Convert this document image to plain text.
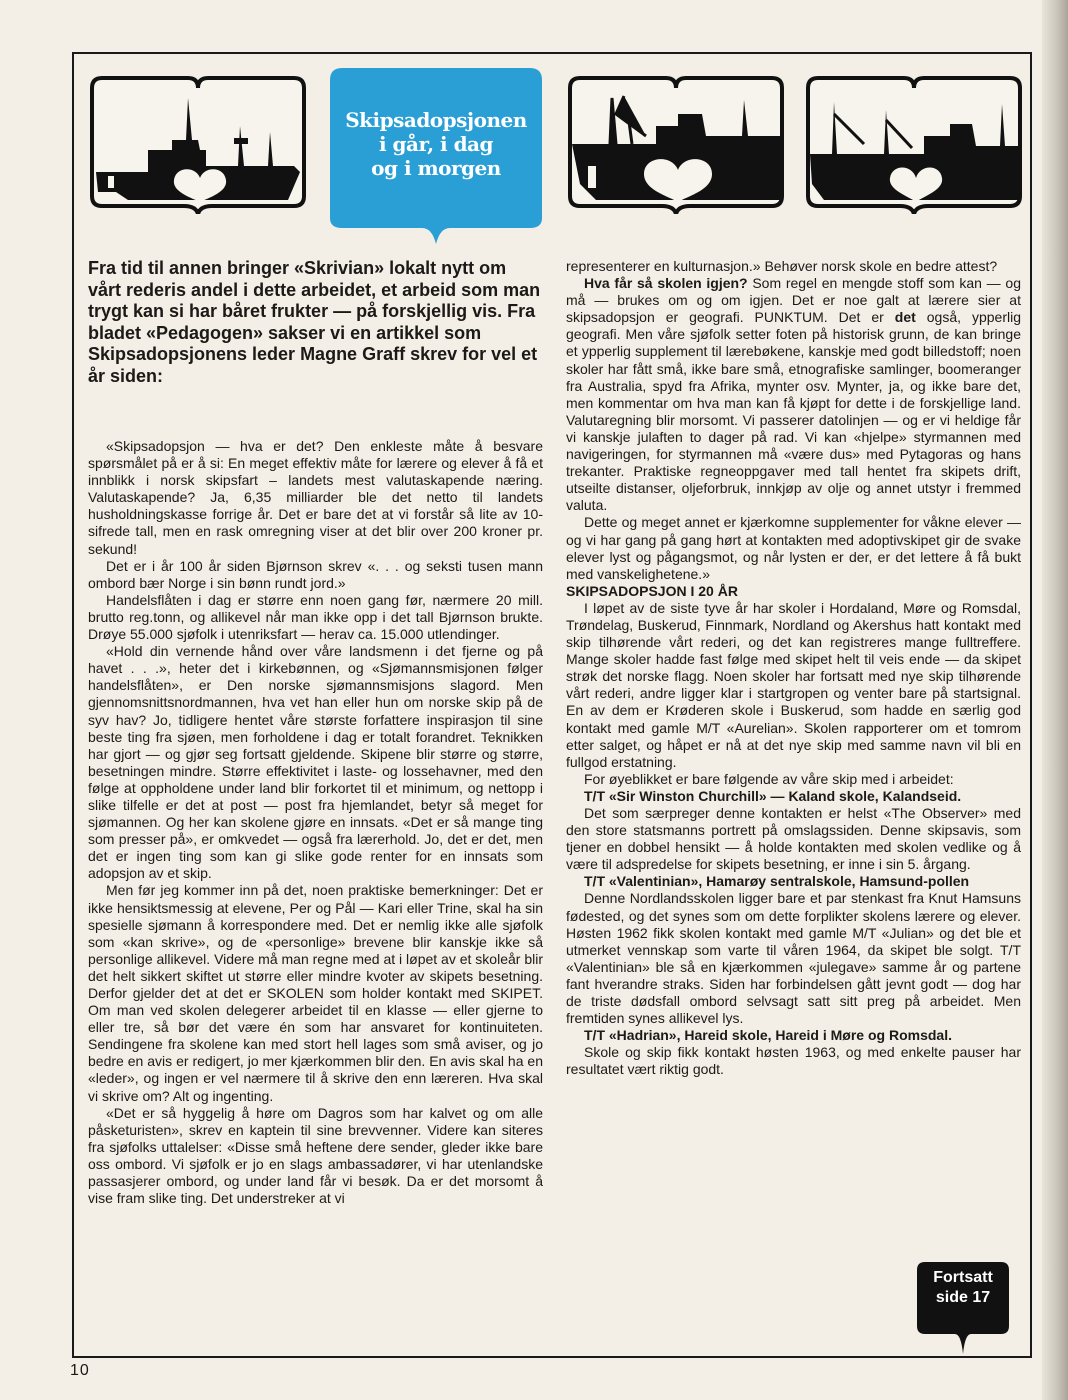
Skipsadopsjonen
i går, i dag
og i morgen
Fra tid til annen bringer «Skrivian» lokalt nytt om vårt rederis andel i dette arbeidet, et arbeid som man trygt kan si har båret frukter — på forskjellig vis. Fra bladet «Pedagogen» sakser vi en artikkel som Skipsadopsjonens leder Magne Graff skrev for vel et år siden:

«Skipsadopsjon — hva er det? Den enkleste måte å besvare spørsmålet på er å si: En meget effektiv måte for lærere og elever å få et innblikk i norsk skipsfart – landets mest valutaskapende næring. Valutaskapende? Ja, 6,35 milliarder ble det netto til landets husholdningskasse forrige år. Det er bare det at vi forstår så lite av 10-sifrede tall, men en rask omregning viser at det blir over 200 kroner pr. sekund!

Det er i år 100 år siden Bjørnson skrev «. . . og seksti tusen mann ombord bær Norge i sin bønn rundt jord.»

Handelsflåten i dag er større enn noen gang før, nærmere 20 mill. brutto reg.tonn, og allikevel når man ikke opp i det tall Bjørnson brukte. Drøye 55.000 sjøfolk i utenriksfart — herav ca. 15.000 utlendinger.

«Hold din vernende hånd over våre landsmenn i det fjerne og på havet . . .», heter det i kirkebønnen, og «Sjømannsmisjonen følger handelsflåten», er Den norske sjømannsmisjons slagord. Men gjennomsnittsnordmannen, hva vet han eller hun om norske skip på de syv hav? Jo, tidligere hentet våre største forfattere inspirasjon til sine beste ting fra sjøen, men forholdene i dag er totalt forandret. Teknikken har gjort — og gjør seg fortsatt gjeldende. Skipene blir større og større, besetningen mindre. Større effektivitet i laste- og lossehavner, med den følge at oppholdene under land blir forkortet til et minimum, og nettopp i slike tilfelle er det at post — post fra hjemlandet, betyr så meget for sjømannen. Og her kan skolene gjøre en innsats. «Det er så mange ting som presser på», er omkvedet — også fra lærerhold. Jo, det er det, men det er ingen ting som kan gi slike gode renter for en innsats som adopsjon av et skip.

Men før jeg kommer inn på det, noen praktiske bemerkninger: Det er ikke hensiktsmessig at elevene, Per og Pål — Kari eller Trine, skal ha sin spesielle sjømann å korrespondere med. Det er nemlig ikke alle sjøfolk som «kan skrive», og de «personlige» brevene blir kanskje ikke så personlige allikevel. Videre må man regne med at i løpet av et skoleår blir det helt sikkert skiftet ut større eller mindre kvoter av skipets besetning. Derfor gjelder det at det er SKOLEN som holder kontakt med SKIPET. Om man ved skolen delegerer arbeidet til en klasse — eller gjerne to eller tre, så bør det være én som har ansvaret for kontinuiteten. Sendingene fra skolene kan med stort hell lages som små aviser, og jo bedre en avis er redigert, jo mer kjærkommen blir den. En avis skal ha en «leder», og ingen er vel nærmere til å skrive den enn læreren. Hva skal vi skrive om? Alt og ingenting.

«Det er så hyggelig å høre om Dagros som har kalvet og om alle påsketuristen», skrev en kaptein til sine brevvenner. Videre kan siteres fra sjøfolks uttalelser: «Disse små heftene dere sender, gleder ikke bare oss ombord. Vi sjøfolk er jo en slags ambassadører, vi har utenlandske passasjerer ombord, og under land får vi besøk. Da er det morsomt å vise fram slike ting. Det understreker at vi

representerer en kulturnasjon.» Behøver norsk skole en bedre attest?

Hva får så skolen igjen? Som regel en mengde stoff som kan — og må — brukes om og om igjen. Det er noe galt at lærere sier at skipsadopsjon er geografi. PUNKTUM. Det er det også, ypperlig geografi. Men våre sjøfolk setter foten på historisk grunn, de kan bringe et ypperlig supplement til lærebøkene, kanskje med godt billedstoff; noen skoler har fått små, ikke bare små, etnografiske samlinger, boomeranger fra Australia, spyd fra Afrika, mynter osv. Mynter, ja, og ikke bare det, men kommentar om hva man kan få kjøpt for dette i de forskjellige land. Valutaregning blir morsomt. Vi passerer datolinjen — og er vi heldige får vi kanskje julaften to dager på rad. Vi kan «hjelpe» styrmannen med navigeringen, for styrmannen må «være dus» med Pytagoras og hans trekanter. Praktiske regneoppgaver med tall hentet fra skipets drift, utseilte distanser, oljeforbruk, innkjøp av olje og annet utstyr i fremmed valuta.

Dette og meget annet er kjærkomne supplementer for våkne elever — og vi har gang på gang hørt at kontakten med adoptivskipet gir de svake elever lyst og pågangsmot, og når lysten er der, er det lettere å få bukt med vanskelighetene.»

SKIPSADOPSJON I 20 ÅR

I løpet av de siste tyve år har skoler i Hordaland, Møre og Romsdal, Trøndelag, Buskerud, Finnmark, Nordland og Akershus hatt kontakt med skip tilhørende vårt rederi, og det kan registreres mange fulltreffere. Mange skoler hadde fast følge med skipet helt til veis ende — da skipet strøk det norske flagg. Noen skoler har fortsatt med nye skip tilhørende vårt rederi, andre ligger klar i startgropen og venter bare på startsignal. En av dem er Krøderen skole i Buskerud, som hadde en særlig god kontakt med gamle M/T «Aurelian». Skolen rapporterer om et tomrom etter salget, og håpet er nå at det nye skip med samme navn vil bli en fullgod erstatning.

For øyeblikket er bare følgende av våre skip med i arbeidet:

T/T «Sir Winston Churchill» — Kaland skole, Kalandseid.

Det som særpreger denne kontakten er helst «The Observer» med den store statsmanns portrett på omslagssiden. Denne skipsavis, som tjener en dobbel hensikt — å holde kontakten med skolen vedlike og å være til adspredelse for skipets besetning, er inne i sin 5. årgang.

T/T «Valentinian», Hamarøy sentralskole, Hamsund-pollen

Denne Nordlandsskolen ligger bare et par stenkast fra Knut Hamsuns fødested, og det synes som om dette forplikter skolens lærere og elever. Høsten 1962 fikk skolen kontakt med gamle M/T «Julian» og det ble et utmerket vennskap som varte til våren 1964, da skipet ble solgt. T/T «Valentinian» ble så en kjærkommen «julegave» samme år og partene fant hverandre straks. Siden har forbindelsen gått jevnt godt — dog har de triste dødsfall ombord selvsagt satt sitt preg på arbeidet. Men fremtiden synes allikevel lys.

T/T «Hadrian», Hareid skole, Hareid i Møre og Romsdal.

Skole og skip fikk kontakt høsten 1963, og med enkelte pauser har resultatet vært riktig godt.

Fortsatt
side 17
10
